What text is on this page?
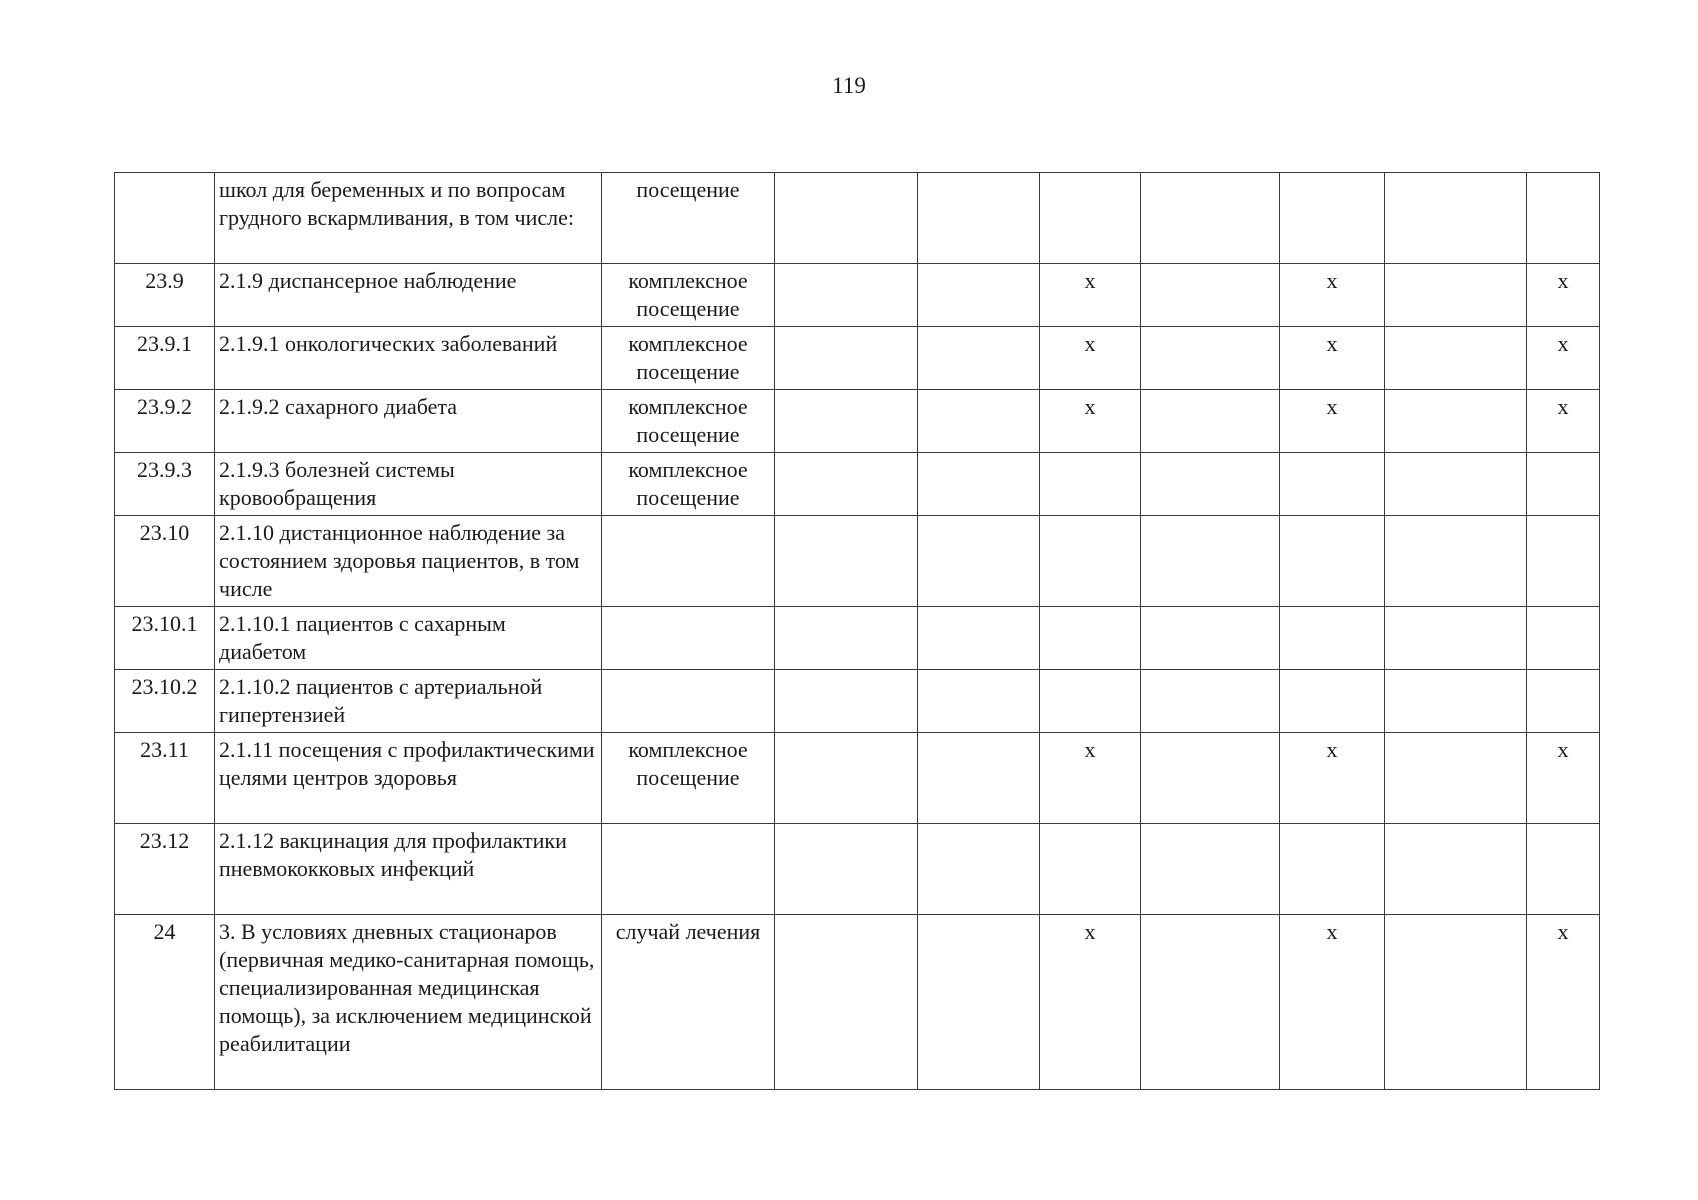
119
	школ для беременных и по вопросам грудного вскармливания, в том числе:	посещение							
23.9	2.1.9 диспансерное наблюдение	комплексное посещение			х		х		х
23.9.1	2.1.9.1 онкологических заболеваний	комплексное посещение			х		х		х
23.9.2	2.1.9.2 сахарного диабета	комплексное посещение			х		х		х
23.9.3	2.1.9.3 болезней системы кровообращения	комплексное посещение							
23.10	2.1.10 дистанционное наблюдение за состоянием здоровья пациентов, в том числе								
23.10.1	2.1.10.1 пациентов с сахарным диабетом								
23.10.2	2.1.10.2 пациентов с артериальной гипертензией								
23.11	2.1.11 посещения с профилактическими целями центров здоровья	комплексное посещение			х		х		х
23.12	2.1.12 вакцинация для профилактики пневмококковых инфекций								
24	3. В условиях дневных стационаров (первичная медико-санитарная помощь, специализированная медицинская помощь), за исключением медицинской реабилитации	случай лечения			х		х		х
